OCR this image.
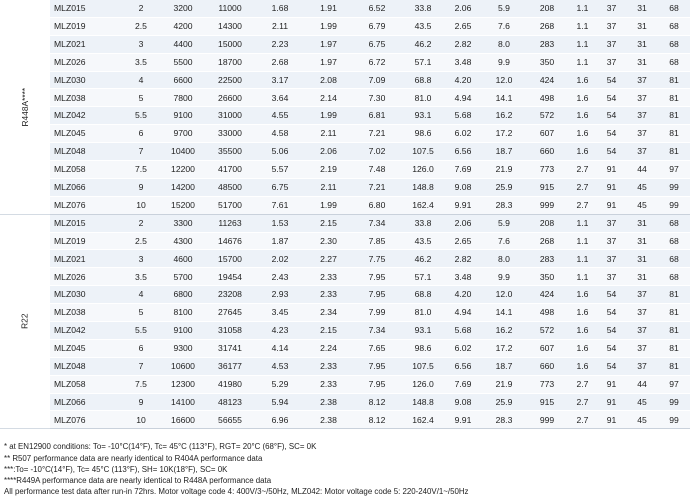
R448A****	MLZ015	2	3200	11000	1.68	1.91	6.52	33.8	2.06	5.9	208	1.1	37	31	68
	MLZ019	2.5	4200	14300	2.11	1.99	6.79	43.5	2.65	7.6	268	1.1	37	31	68
	MLZ021	3	4400	15000	2.23	1.97	6.75	46.2	2.82	8.0	283	1.1	37	31	68
	MLZ026	3.5	5500	18700	2.68	1.97	6.72	57.1	3.48	9.9	350	1.1	37	31	68
	MLZ030	4	6600	22500	3.17	2.08	7.09	68.8	4.20	12.0	424	1.6	54	37	81
	MLZ038	5	7800	26600	3.64	2.14	7.30	81.0	4.94	14.1	498	1.6	54	37	81
	MLZ042	5.5	9100	31000	4.55	1.99	6.81	93.1	5.68	16.2	572	1.6	54	37	81
	MLZ045	6	9700	33000	4.58	2.11	7.21	98.6	6.02	17.2	607	1.6	54	37	81
	MLZ048	7	10400	35500	5.06	2.06	7.02	107.5	6.56	18.7	660	1.6	54	37	81
	MLZ058	7.5	12200	41700	5.57	2.19	7.48	126.0	7.69	21.9	773	2.7	91	44	97
	MLZ066	9	14200	48500	6.75	2.11	7.21	148.8	9.08	25.9	915	2.7	91	45	99
	MLZ076	10	15200	51700	7.61	1.99	6.80	162.4	9.91	28.3	999	2.7	91	45	99
R22	MLZ015	2	3300	11263	1.53	2.15	7.34	33.8	2.06	5.9	208	1.1	37	31	68
	MLZ019	2.5	4300	14676	1.87	2.30	7.85	43.5	2.65	7.6	268	1.1	37	31	68
	MLZ021	3	4600	15700	2.02	2.27	7.75	46.2	2.82	8.0	283	1.1	37	31	68
	MLZ026	3.5	5700	19454	2.43	2.33	7.95	57.1	3.48	9.9	350	1.1	37	31	68
	MLZ030	4	6800	23208	2.93	2.33	7.95	68.8	4.20	12.0	424	1.6	54	37	81
	MLZ038	5	8100	27645	3.45	2.34	7.99	81.0	4.94	14.1	498	1.6	54	37	81
	MLZ042	5.5	9100	31058	4.23	2.15	7.34	93.1	5.68	16.2	572	1.6	54	37	81
	MLZ045	6	9300	31741	4.14	2.24	7.65	98.6	6.02	17.2	607	1.6	54	37	81
	MLZ048	7	10600	36177	4.53	2.33	7.95	107.5	6.56	18.7	660	1.6	54	37	81
	MLZ058	7.5	12300	41980	5.29	2.33	7.95	126.0	7.69	21.9	773	2.7	91	44	97
	MLZ066	9	14100	48123	5.94	2.38	8.12	148.8	9.08	25.9	915	2.7	91	45	99
	MLZ076	10	16600	56655	6.96	2.38	8.12	162.4	9.91	28.3	999	2.7	91	45	99
* at EN12900 conditions: To= -10°C(14°F), Tc= 45°C (113°F), RGT= 20°C (68°F), SC= 0K
** R507 performance data are nearly identical to R404A performance data
***:To= -10°C(14°F), Tc= 45°C (113°F), SH= 10K(18°F), SC= 0K
****R449A performance data are nearly identical to R448A performance data
All performance test data after run-in 72hrs. Motor voltage code 4: 400V/3~/50Hz, MLZ042: Motor voltage code 5: 220-240V/1~/50Hz
